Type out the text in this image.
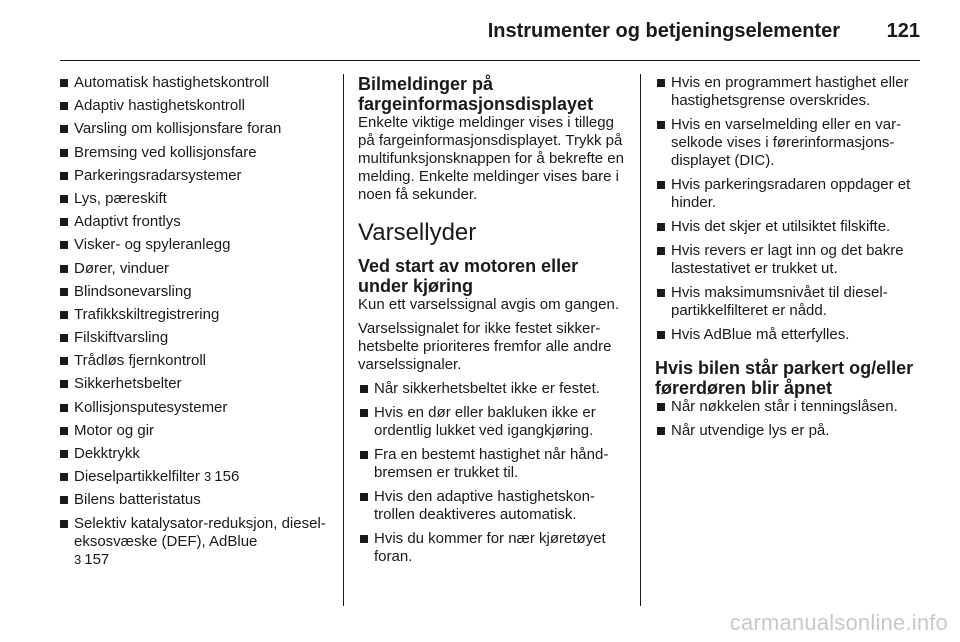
Instrumenter og betjeningselementer 121
Automatisk hastighetskontroll
Adaptiv hastighetskontroll
Varsling om kollisjonsfare foran
Bremsing ved kollisjonsfare
Parkeringsradarsystemer
Lys, pæreskift
Adaptivt frontlys
Visker- og spyleranlegg
Dører, vinduer
Blindsonevarsling
Trafikkskiltregistrering
Filskiftvarsling
Trådløs fjernkontroll
Sikkerhetsbelter
Kollisjonsputesystemer
Motor og gir
Dekktrykk
Dieselpartikkelfilter 3 156
Bilens batteristatus
Selektiv katalysator-reduksjon, diesel-eksosvæske (DEF), AdBlue
3 157
Bilmeldinger på fargeinformasjonsdisplayet

Enkelte viktige meldinger vises i tillegg på fargeinformasjonsdisplayet. Trykk på multifunksjonsknappen for å bekrefte en melding. Enkelte meldinger vises bare i noen få sekunder.

Varsellyder
Ved start av motoren eller under kjøring

Kun ett varselssignal avgis om gangen.

Varselssignalet for ikke festet sikkerhetsbelte prioriteres fremfor alle andre varselssignaler.

Når sikkerhetsbeltet ikke er festet.
Hvis en dør eller bakluken ikke er ordentlig lukket ved igangkjøring.
Fra en bestemt hastighet når håndbremsen er trukket til.
Hvis den adaptive hastighetskontrollen deaktiveres automatisk.
Hvis du kommer for nær kjøretøyet foran.
Hvis en programmert hastighet eller hastighetsgrense overskrides.
Hvis en varselmelding eller en varselkode vises i førerinformasjonsdisplayet (DIC).
Hvis parkeringsradaren oppdager et hinder.
Hvis det skjer et utilsiktet filskifte.
Hvis revers er lagt inn og det bakre lastestativet er trukket ut.
Hvis maksimumsnivået til dieselpartikkelfilteret er nådd.
Hvis AdBlue må etterfylles.
Hvis bilen står parkert og/eller førerdøren blir åpnet
Når nøkkelen står i tenningslåsen.
Når utvendige lys er på.
carmanualsonline.info
